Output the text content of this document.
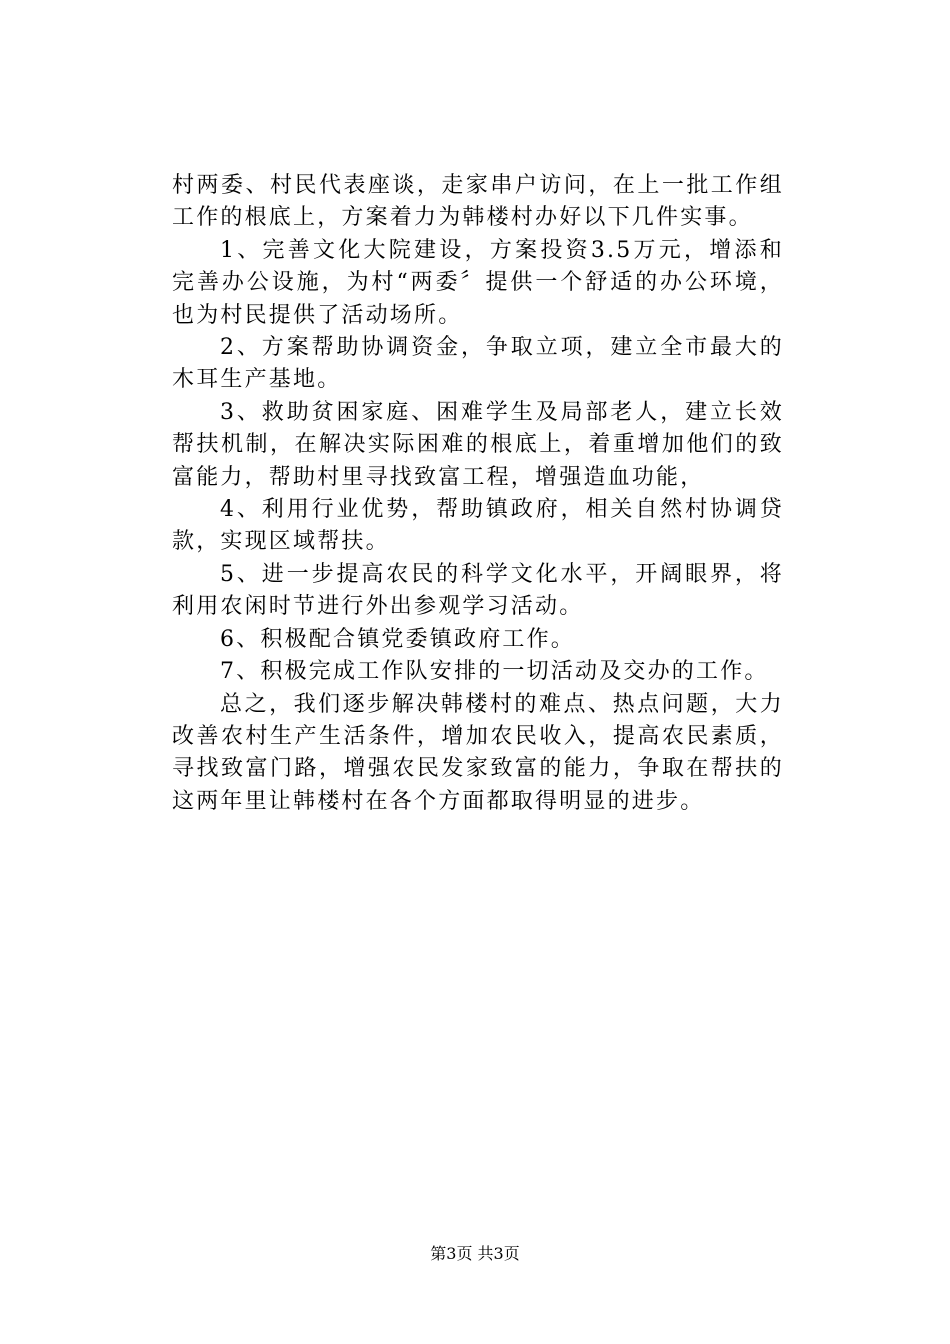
村两委、村民代表座谈，走家串户访问，在上一批工作组工作的根底上，方案着力为韩楼村办好以下几件实事。

1、完善文化大院建设，方案投资3.5万元，增添和完善办公设施，为村“两委〞提供一个舒适的办公环境，也为村民提供了活动场所。

2、方案帮助协调资金，争取立项，建立全市最大的木耳生产基地。

3、救助贫困家庭、困难学生及局部老人，建立长效帮扶机制，在解决实际困难的根底上，着重增加他们的致富能力，帮助村里寻找致富工程，增强造血功能，

4、利用行业优势，帮助镇政府，相关自然村协调贷款，实现区域帮扶。

5、进一步提高农民的科学文化水平，开阔眼界，将利用农闲时节进行外出参观学习活动。

6、积极配合镇党委镇政府工作。

7、积极完成工作队安排的一切活动及交办的工作。

总之，我们逐步解决韩楼村的难点、热点问题，大力改善农村生产生活条件，增加农民收入，提高农民素质，寻找致富门路，增强农民发家致富的能力，争取在帮扶的这两年里让韩楼村在各个方面都取得明显的进步。

第3页 共3页
